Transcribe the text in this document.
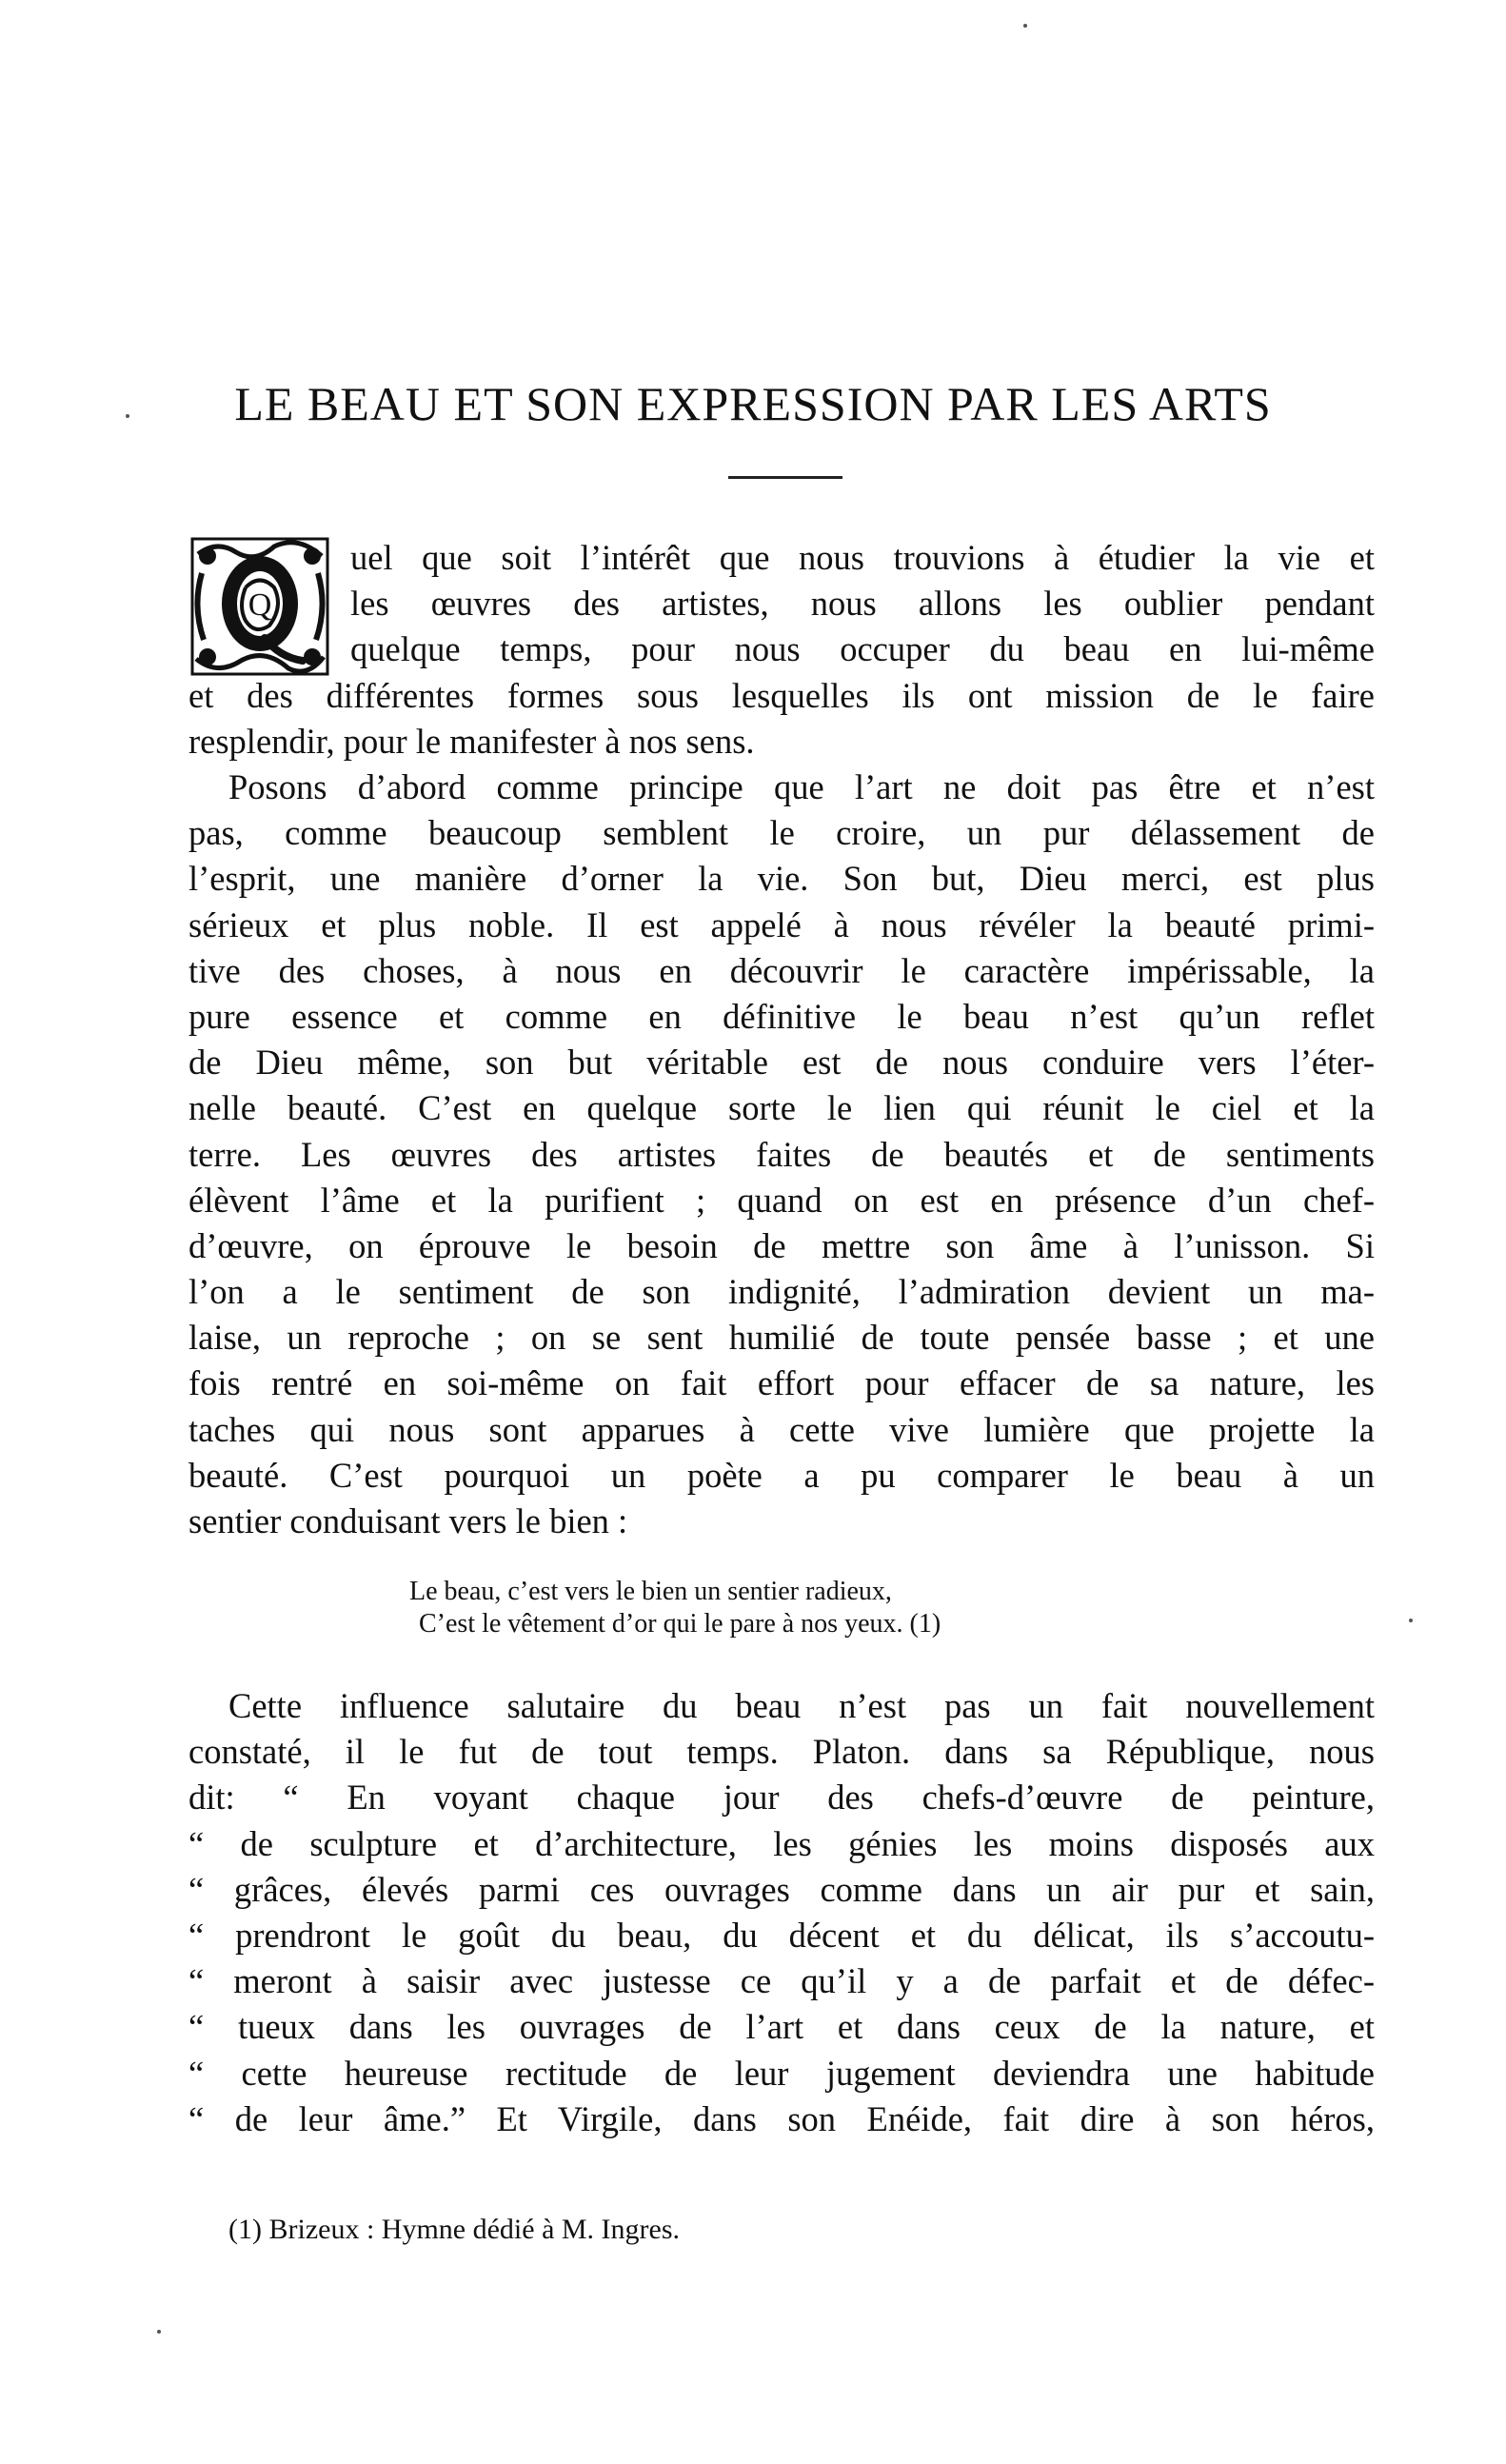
LE BEAU ET SON EXPRESSION PAR LES ARTS
Q
uel que soit l’intérêt que nous trouvions à étudier la vie et
les œuvres des artistes, nous allons les oublier pendant
quelque temps, pour nous occuper du beau en lui-même
et des différentes formes sous lesquelles ils ont mission de le faire
resplendir, pour le manifester à nos sens.
Posons d’abord comme principe que l’art ne doit pas être et n’est
pas, comme beaucoup semblent le croire, un pur délassement de
l’esprit, une manière d’orner la vie. Son but, Dieu merci, est plus
sérieux et plus noble. Il est appelé à nous révéler la beauté primi-
tive des choses, à nous en découvrir le caractère impérissable, la
pure essence et comme en définitive le beau n’est qu’un reflet
de Dieu même, son but véritable est de nous conduire vers l’éter-
nelle beauté. C’est en quelque sorte le lien qui réunit le ciel et la
terre. Les œuvres des artistes faites de beautés et de sentiments
élèvent l’âme et la purifient ; quand on est en présence d’un chef-
d’œuvre, on éprouve le besoin de mettre son âme à l’unisson. Si
l’on a le sentiment de son indignité, l’admiration devient un ma-
laise, un reproche ; on se sent humilié de toute pensée basse ; et une
fois rentré en soi-même on fait effort pour effacer de sa nature, les
taches qui nous sont apparues à cette vive lumière que projette la
beauté. C’est pourquoi un poète a pu comparer le beau à un
sentier conduisant vers le bien :
Le beau, c’est vers le bien un sentier radieux,
C’est le vêtement d’or qui le pare à nos yeux. (1)
Cette influence salutaire du beau n’est pas un fait nouvellement
constaté, il le fut de tout temps. Platon. dans sa République, nous
dit: “ En voyant chaque jour des chefs-d’œuvre de peinture,
“ de sculpture et d’architecture, les génies les moins disposés aux
“ grâces, élevés parmi ces ouvrages comme dans un air pur et sain,
“ prendront le goût du beau, du décent et du délicat, ils s’accoutu-
“ meront à saisir avec justesse ce qu’il y a de parfait et de défec-
“ tueux dans les ouvrages de l’art et dans ceux de la nature, et
“ cette heureuse rectitude de leur jugement deviendra une habitude
“ de leur âme.” Et Virgile, dans son Enéide, fait dire à son héros,
(1) Brizeux : Hymne dédié à M. Ingres.
